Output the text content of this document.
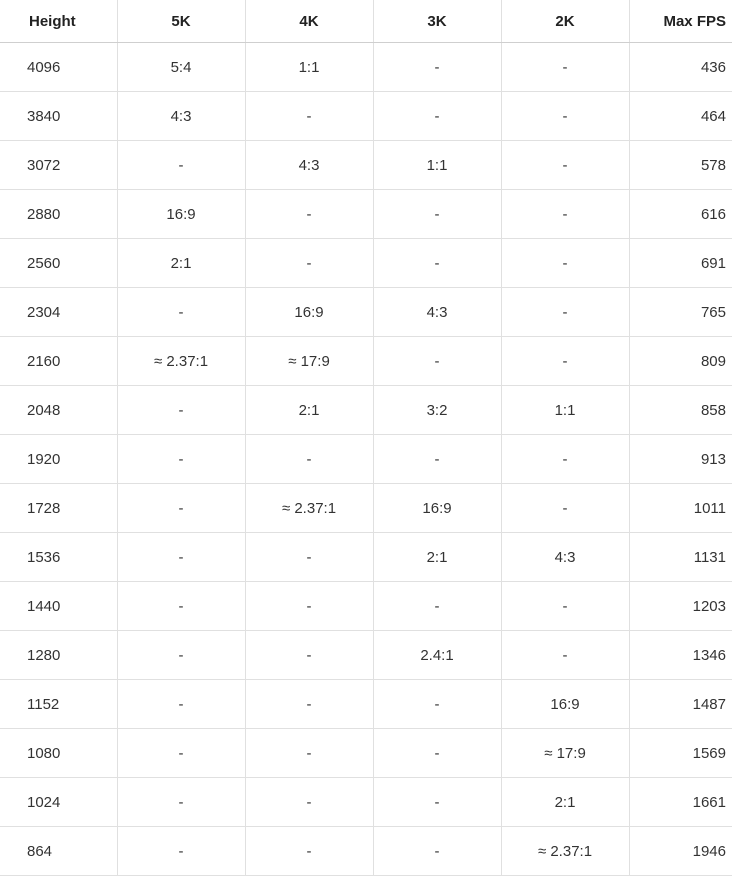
Height	5K	4K	3K	2K	Max FPS
4096	5:4	1:1	-	-	436
3840	4:3	-	-	-	464
3072	-	4:3	1:1	-	578
2880	16:9	-	-	-	616
2560	2:1	-	-	-	691
2304	-	16:9	4:3	-	765
2160	≈ 2.37:1	≈ 17:9	-	-	809
2048	-	2:1	3:2	1:1	858
1920	-	-	-	-	913
1728	-	≈ 2.37:1	16:9	-	1011
1536	-	-	2:1	4:3	1131
1440	-	-	-	-	1203
1280	-	-	2.4:1	-	1346
1152	-	-	-	16:9	1487
1080	-	-	-	≈ 17:9	1569
1024	-	-	-	2:1	1661
864	-	-	-	≈ 2.37:1	1946
